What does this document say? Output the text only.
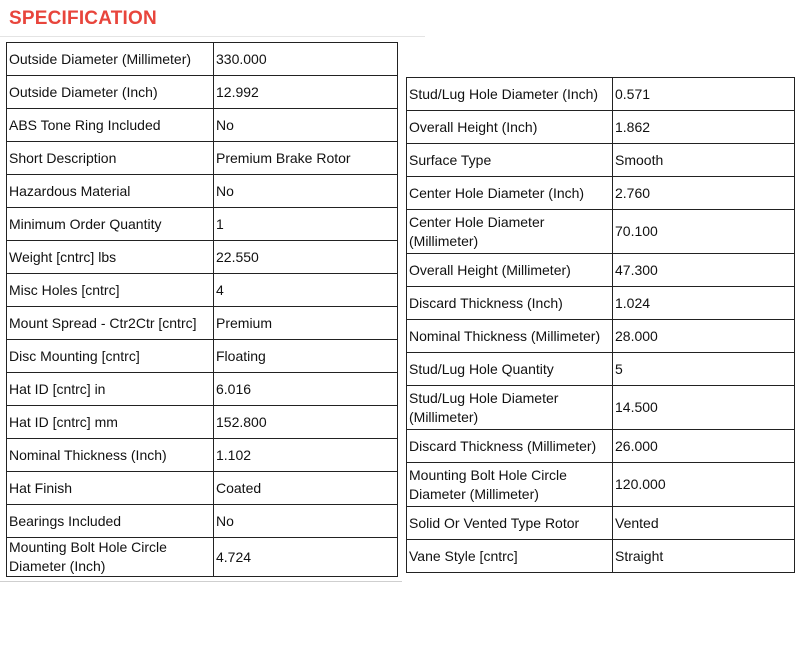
SPECIFICATION
Outside Diameter (Millimeter)	330.000
Outside Diameter (Inch)	12.992
ABS Tone Ring Included	No
Short Description	Premium Brake Rotor
Hazardous Material	No
Minimum Order Quantity	1
Weight [cntrc] lbs	22.550
Misc Holes [cntrc]	4
Mount Spread - Ctr2Ctr [cntrc]	Premium
Disc Mounting [cntrc]	Floating
Hat ID [cntrc] in	6.016
Hat ID [cntrc] mm	152.800
Nominal Thickness (Inch)	1.102
Hat Finish	Coated
Bearings Included	No
Mounting Bolt Hole Circle Diameter (Inch)	4.724
Stud/Lug Hole Diameter (Inch)	0.571
Overall Height (Inch)	1.862
Surface Type	Smooth
Center Hole Diameter (Inch)	2.760
Center Hole Diameter (Millimeter)	70.100
Overall Height (Millimeter)	47.300
Discard Thickness (Inch)	1.024
Nominal Thickness (Millimeter)	28.000
Stud/Lug Hole Quantity	5
Stud/Lug Hole Diameter (Millimeter)	14.500
Discard Thickness (Millimeter)	26.000
Mounting Bolt Hole Circle Diameter (Millimeter)	120.000
Solid Or Vented Type Rotor	Vented
Vane Style [cntrc]	Straight
